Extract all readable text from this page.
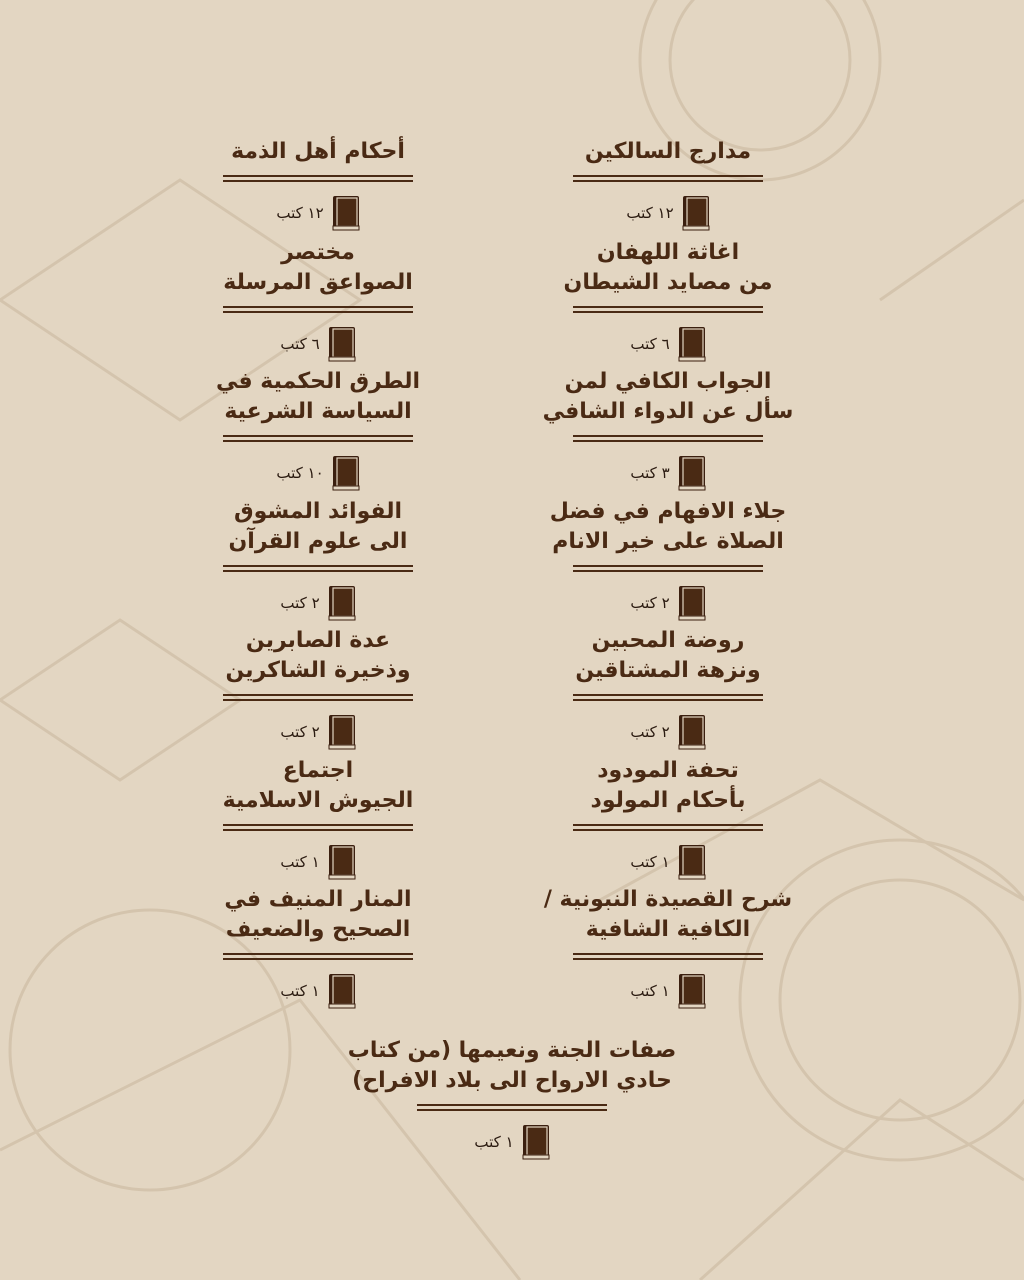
مدارج السالكين
١٢ كتب
اغاثة اللهفان
من مصايد الشيطان
٦ كتب
الجواب الكافي لمن
سأل عن الدواء الشافي
٣ كتب
جلاء الافهام في فضل
الصلاة على خير الانام
٢ كتب
روضة المحبين
ونزهة المشتاقين
٢ كتب
تحفة المودود
بأحكام المولود
١ كتب
شرح القصيدة النبونية /
الكافية الشافية
١ كتب
أحكام أهل الذمة
١٢ كتب
مختصر
الصواعق المرسلة
٦ كتب
الطرق الحكمية في
السياسة الشرعية
١٠ كتب
الفوائد المشوق
الى علوم القرآن
٢ كتب
عدة الصابرين
وذخيرة الشاكرين
٢ كتب
اجتماع
الجيوش الاسلامية
١ كتب
المنار المنيف في
الصحيح والضعيف
١ كتب
صفات الجنة ونعيمها (من كتاب
حادي الارواح الى بلاد الافراح)
١ كتب
